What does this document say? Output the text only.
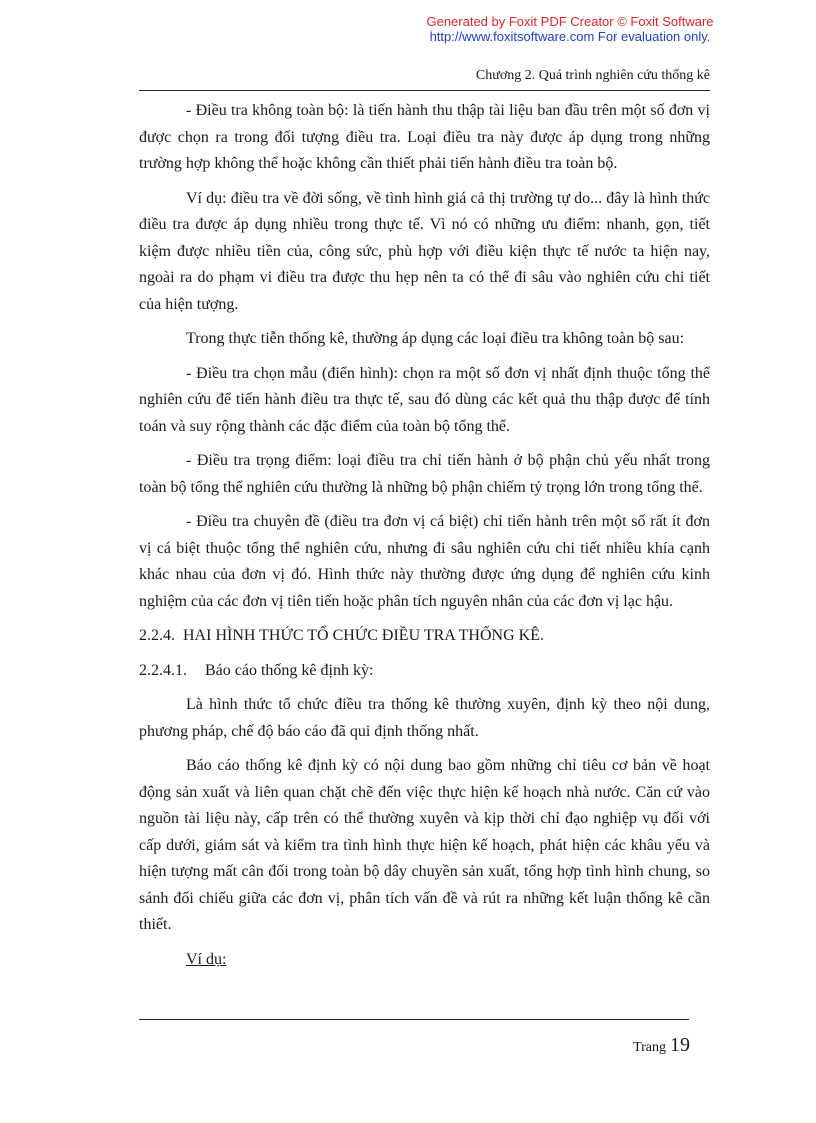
Generated by Foxit PDF Creator © Foxit Software
http://www.foxitsoftware.com For evaluation only.
Chương 2. Quá trình nghiên cứu thống kê

- Điều tra không toàn bộ: là tiến hành thu thập tài liệu ban đầu trên một số đơn vị được chọn ra trong đối tượng điều tra. Loại điều tra này được áp dụng trong những trường hợp không thể hoặc không cần thiết phải tiến hành điều tra toàn bộ.

Ví dụ: điều tra về đời sống, về tình hình giá cả thị trường tự do... đây là hình thức điều tra được áp dụng nhiều trong thực tế. Vì nó có những ưu điểm: nhanh, gọn, tiết kiệm được nhiều tiền của, công sức, phù hợp với điều kiện thực tế nước ta hiện nay, ngoài ra do phạm vi điều tra được thu hẹp nên ta có thể đi sâu vào nghiên cứu chi tiết của hiện tượng.

Trong thực tiễn thống kê, thường áp dụng các loại điều tra không toàn bộ sau:

- Điều tra chọn mẫu (điển hình): chọn ra một số đơn vị nhất định thuộc tổng thể nghiên cứu để tiến hành điều tra thực tế, sau đó dùng các kết quả thu thập được để tính toán và suy rộng thành các đặc điểm của toàn bộ tổng thể.

- Điều tra trọng điểm: loại điều tra chỉ tiến hành ở bộ phận chủ yếu nhất trong toàn bộ tổng thể nghiên cứu thường là những bộ phận chiếm tỷ trọng lớn trong tổng thể.

- Điều tra chuyên đề (điều tra đơn vị cá biệt) chỉ tiến hành trên một số rất ít đơn vị cá biệt thuộc tổng thể nghiên cứu, nhưng đi sâu nghiên cứu chi tiết nhiều khía cạnh khác nhau của đơn vị đó. Hình thức này thường được ứng dụng để nghiên cứu kinh nghiệm của các đơn vị tiên tiến hoặc phân tích nguyên nhân của các đơn vị lạc hậu.

2.2.4. HAI HÌNH THỨC TỔ CHỨC ĐIỀU TRA THỐNG KÊ.

2.2.4.1. Báo cáo thống kê định kỳ:

Là hình thức tổ chức điều tra thống kê thường xuyên, định kỳ theo nội dung, phương pháp, chế độ báo cáo đã qui định thống nhất.

Báo cáo thống kê định kỳ có nội dung bao gồm những chỉ tiêu cơ bản về hoạt động sản xuất và liên quan chặt chẽ đến việc thực hiện kế hoạch nhà nước. Căn cứ vào nguồn tài liệu này, cấp trên có thể thường xuyên và kịp thời chỉ đạo nghiệp vụ đối với cấp dưới, giám sát và kiểm tra tình hình thực hiện kế hoạch, phát hiện các khâu yếu và hiện tượng mất cân đối trong toàn bộ dây chuyền sản xuất, tổng hợp tình hình chung, so sánh đối chiếu giữa các đơn vị, phân tích vấn đề và rút ra những kết luận thống kê cần thiết.

Ví dụ:

Trang 19
